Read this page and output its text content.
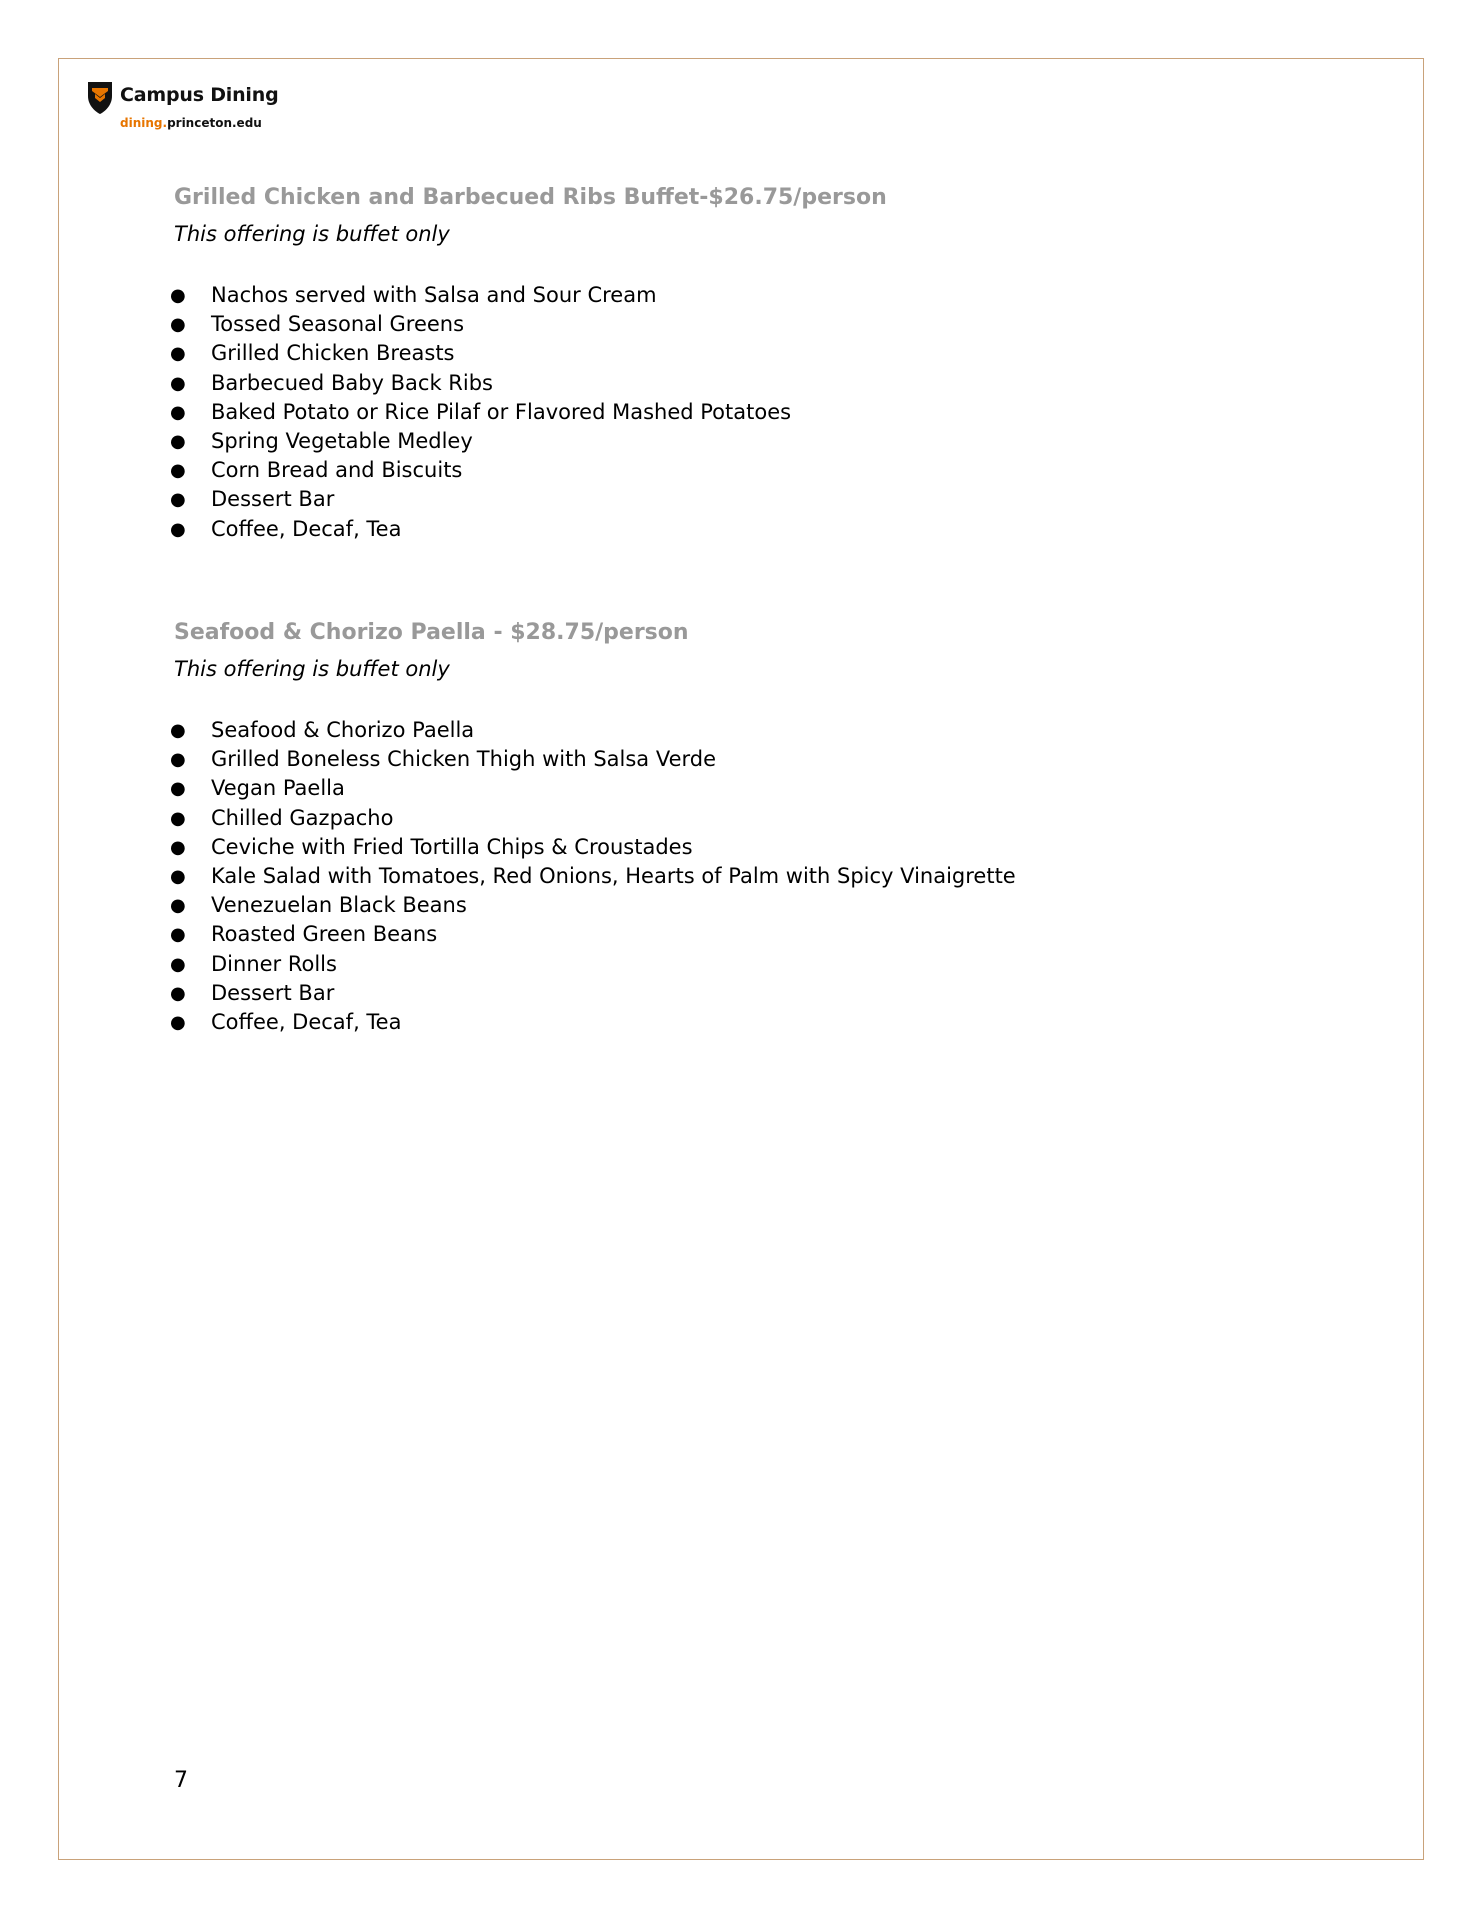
Campus Dining
dining.princeton.edu
Grilled Chicken and Barbecued Ribs Buffet-$26.75/person

This offering is buffet only

● Nachos served with Salsa and Sour Cream
● Tossed Seasonal Greens
● Grilled Chicken Breasts
● Barbecued Baby Back Ribs
● Baked Potato or Rice Pilaf or Flavored Mashed Potatoes
● Spring Vegetable Medley
● Corn Bread and Biscuits
● Dessert Bar
● Coffee, Decaf, Tea
Seafood & Chorizo Paella - $28.75/person

This offering is buffet only

● Seafood & Chorizo Paella
● Grilled Boneless Chicken Thigh with Salsa Verde
● Vegan Paella
● Chilled Gazpacho
● Ceviche with Fried Tortilla Chips & Croustades
● Kale Salad with Tomatoes, Red Onions, Hearts of Palm with Spicy Vinaigrette
● Venezuelan Black Beans
● Roasted Green Beans
● Dinner Rolls
● Dessert Bar
● Coffee, Decaf, Tea
7
